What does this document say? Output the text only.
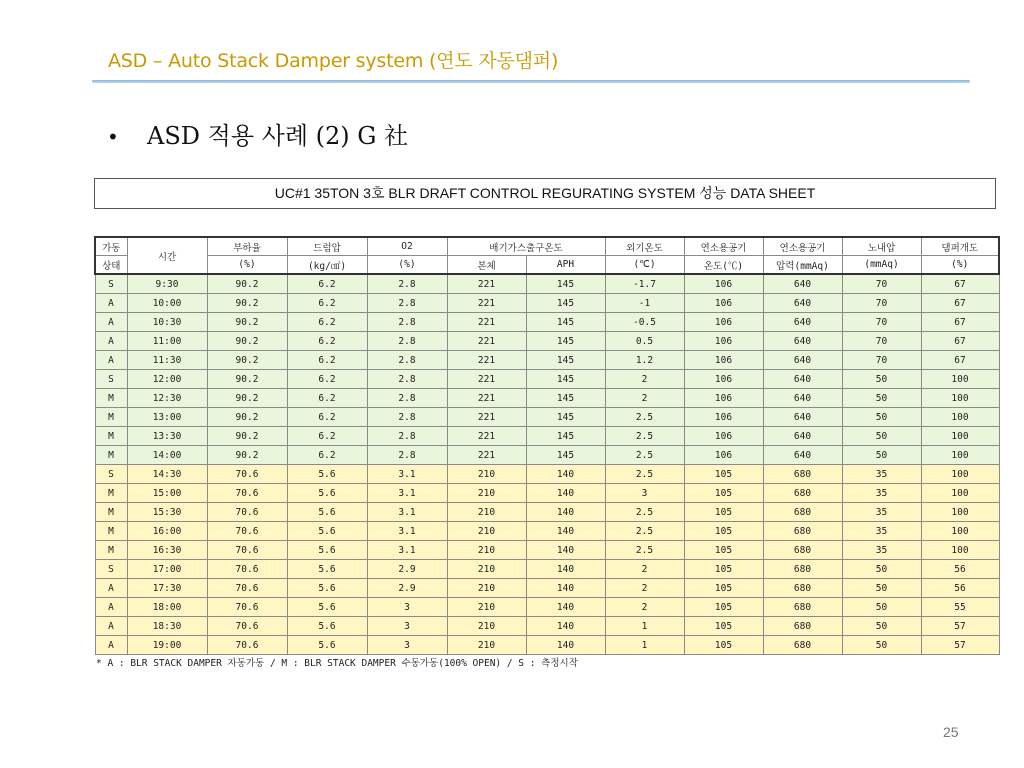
ASD – Auto Stack Damper system (연도 자동댐퍼)
• ASD 적용 사례 (2) G 社
UC#1 35TON 3호 BLR DRAFT CONTROL REGURATING SYSTEM 성능 DATA SHEET
가동	시간	부하율	드럼압	O2	배기가스출구온도		외기온도	연소용공기	연소용공기	노내압	댐퍼개도
상태		(%)	(kg/㎠)	(%)	본체	APH	(℃)	온도(℃)	압력(mmAq)	(mmAq)	(%)
S	9:30	90.2	6.2	2.8	221	145	-1.7	106	640	70	67
A	10:00	90.2	6.2	2.8	221	145	-1	106	640	70	67
A	10:30	90.2	6.2	2.8	221	145	-0.5	106	640	70	67
A	11:00	90.2	6.2	2.8	221	145	0.5	106	640	70	67
A	11:30	90.2	6.2	2.8	221	145	1.2	106	640	70	67
S	12:00	90.2	6.2	2.8	221	145	2	106	640	50	100
M	12:30	90.2	6.2	2.8	221	145	2	106	640	50	100
M	13:00	90.2	6.2	2.8	221	145	2.5	106	640	50	100
M	13:30	90.2	6.2	2.8	221	145	2.5	106	640	50	100
M	14:00	90.2	6.2	2.8	221	145	2.5	106	640	50	100
S	14:30	70.6	5.6	3.1	210	140	2.5	105	680	35	100
M	15:00	70.6	5.6	3.1	210	140	3	105	680	35	100
M	15:30	70.6	5.6	3.1	210	140	2.5	105	680	35	100
M	16:00	70.6	5.6	3.1	210	140	2.5	105	680	35	100
M	16:30	70.6	5.6	3.1	210	140	2.5	105	680	35	100
S	17:00	70.6	5.6	2.9	210	140	2	105	680	50	56
A	17:30	70.6	5.6	2.9	210	140	2	105	680	50	56
A	18:00	70.6	5.6	3	210	140	2	105	680	50	55
A	18:30	70.6	5.6	3	210	140	1	105	680	50	57
A	19:00	70.6	5.6	3	210	140	1	105	680	50	57
* A : BLR STACK DAMPER 자동가동 / M : BLR STACK DAMPER 수동가동(100% OPEN) / S : 측정시작
25
